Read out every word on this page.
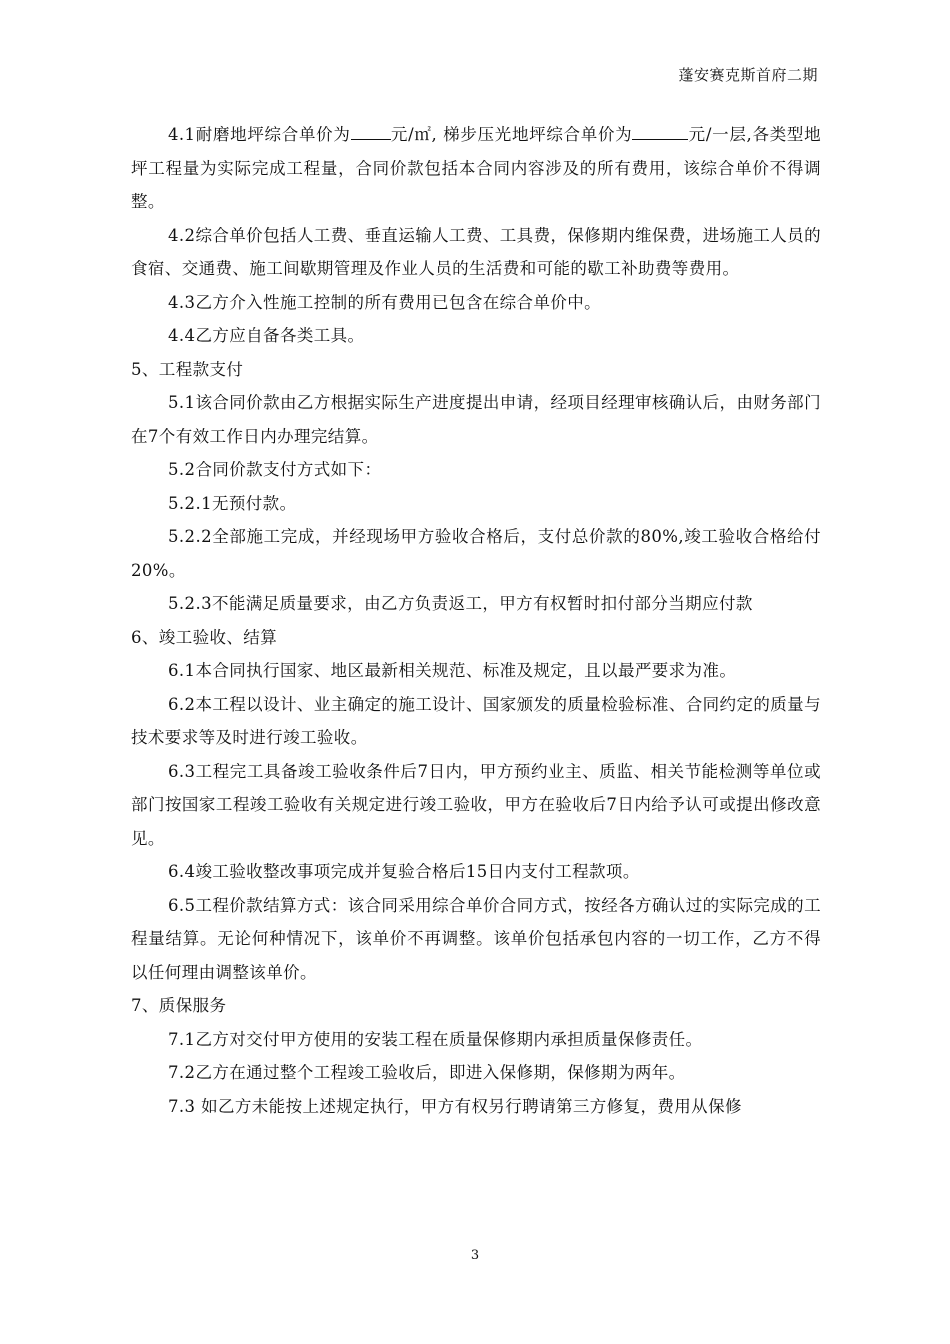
蓬安赛克斯首府二期

4.1耐磨地坪综合单价为 元/㎡, 梯步压光地坪综合单价为	元/一层,各类型地坪工程量为实际完成工程量，合同价款包括本合同内容涉及的所有费用，该综合单价不得调整。

4.2综合单价包括人工费、垂直运输人工费、工具费，保修期内维保费，进场施工人员的食宿、交通费、施工间歇期管理及作业人员的生活费和可能的歇工补助费等费用。

4.3乙方介入性施工控制的所有费用已包含在综合单价中。

4.4乙方应自备各类工具。

5、工程款支付

5.1该合同价款由乙方根据实际生产进度提出申请，经项目经理审核确认后，由财务部门在7个有效工作日内办理完结算。

5.2合同价款支付方式如下：

5.2.1无预付款。

5.2.2全部施工完成，并经现场甲方验收合格后，支付总价款的80%,竣工验收合格给付20%。

5.2.3不能满足质量要求，由乙方负责返工，甲方有权暂时扣付部分当期应付款

6、竣工验收、结算

6.1本合同执行国家、地区最新相关规范、标准及规定，且以最严要求为准。

6.2本工程以设计、业主确定的施工设计、国家颁发的质量检验标准、合同约定的质量与技术要求等及时进行竣工验收。

6.3工程完工具备竣工验收条件后7日内，甲方预约业主、质监、相关节能检测等单位或部门按国家工程竣工验收有关规定进行竣工验收，甲方在验收后7日内给予认可或提出修改意见。

6.4竣工验收整改事项完成并复验合格后15日内支付工程款项。

6.5工程价款结算方式：该合同采用综合单价合同方式，按经各方确认过的实际完成的工程量结算。无论何种情况下，该单价不再调整。该单价包括承包内容的一切工作，乙方不得以任何理由调整该单价。

7、质保服务

7.1乙方对交付甲方使用的安装工程在质量保修期内承担质量保修责任。

7.2乙方在通过整个工程竣工验收后，即进入保修期，保修期为两年。

7.3 如乙方未能按上述规定执行，甲方有权另行聘请第三方修复，费用从保修

3
